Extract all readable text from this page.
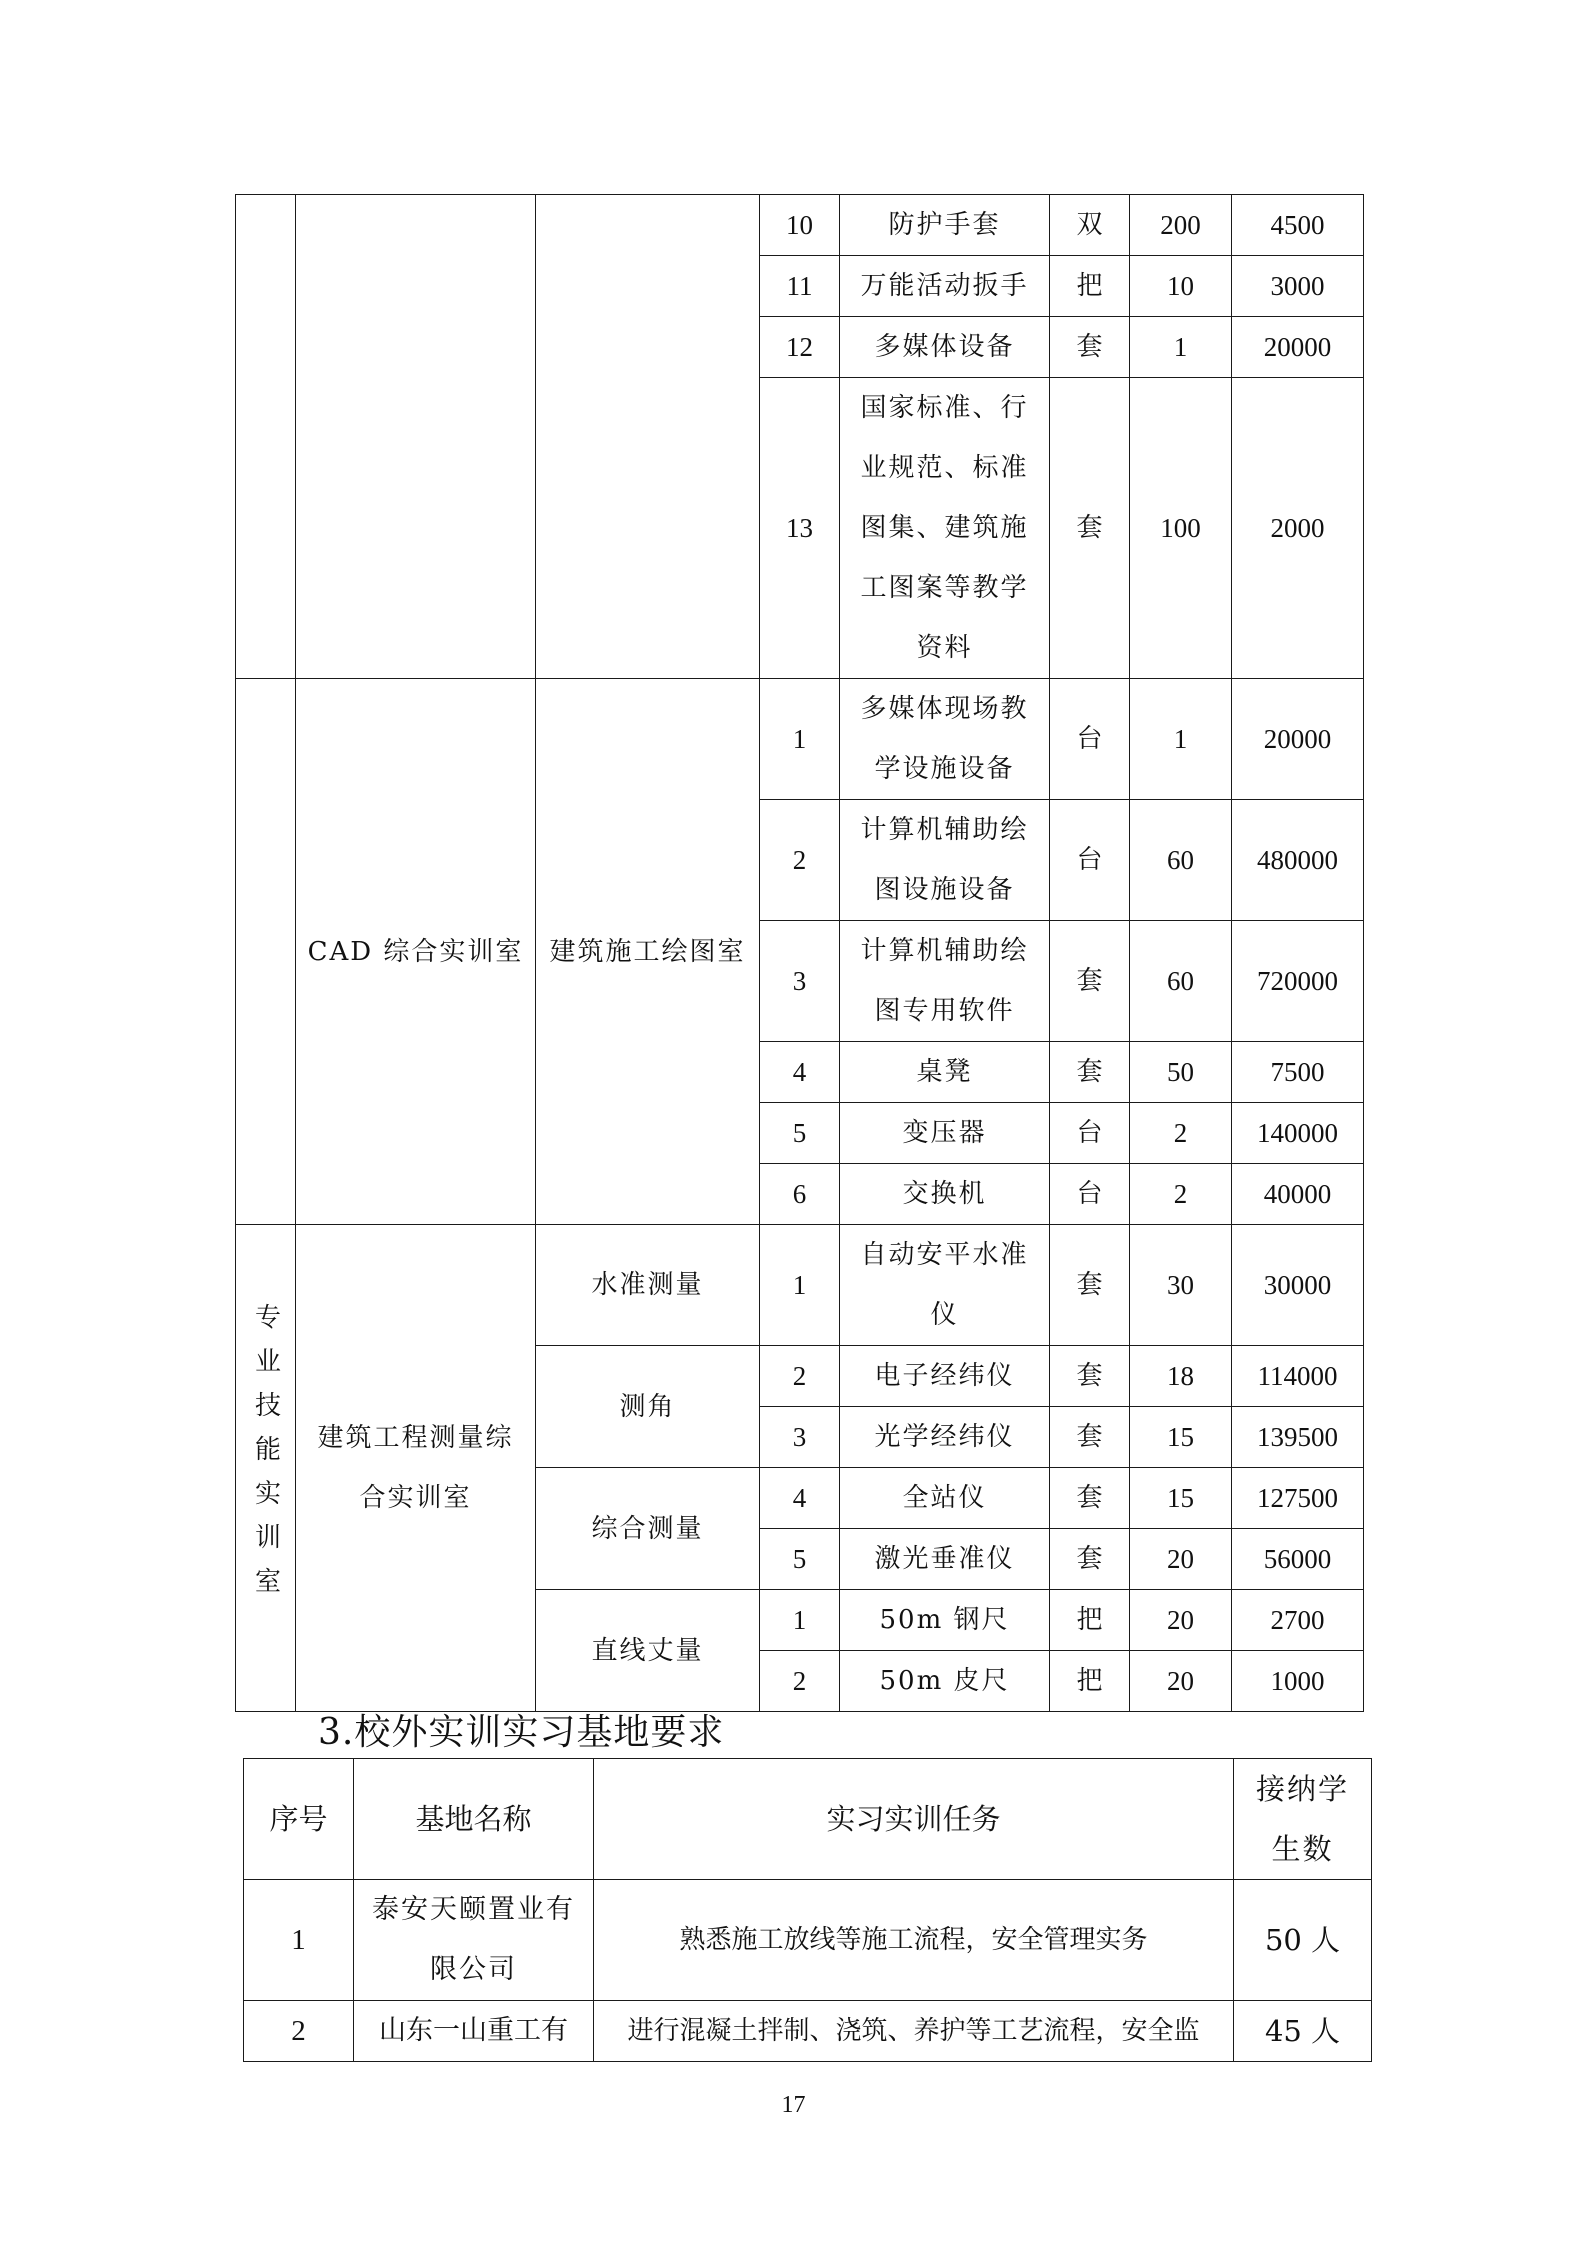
			10	防护手套	双	200	4500
			11	万能活动扳手	把	10	3000
			12	多媒体设备	套	1	20000
			13	国家标准、行业规范、标准图集、建筑施工图案等教学资料	套	100	2000
	CAD 综合实训室	建筑施工绘图室	1	多媒体现场教学设施设备	台	1	20000
			2	计算机辅助绘图设施设备	台	60	480000
			3	计算机辅助绘图专用软件	套	60	720000
			4	桌凳	套	50	7500
			5	变压器	台	2	140000
			6	交换机	台	2	40000
专业技能实训室	建筑工程测量综合实训室	水准测量	1	自动安平水准仪	套	30	30000
		测角	2	电子经纬仪	套	18	114000
			3	光学经纬仪	套	15	139500
		综合测量	4	全站仪	套	15	127500
			5	激光垂准仪	套	20	56000
		直线丈量	1	50m 钢尺	把	20	2700
			2	50m 皮尺	把	20	1000
3.校外实训实习基地要求
序号	基地名称	实习实训任务	接纳学生数
1	泰安天颐置业有限公司	熟悉施工放线等施工流程，安全管理实务	50 人
2	山东一山重工有	进行混凝土拌制、浇筑、养护等工艺流程，安全监	45 人
17
